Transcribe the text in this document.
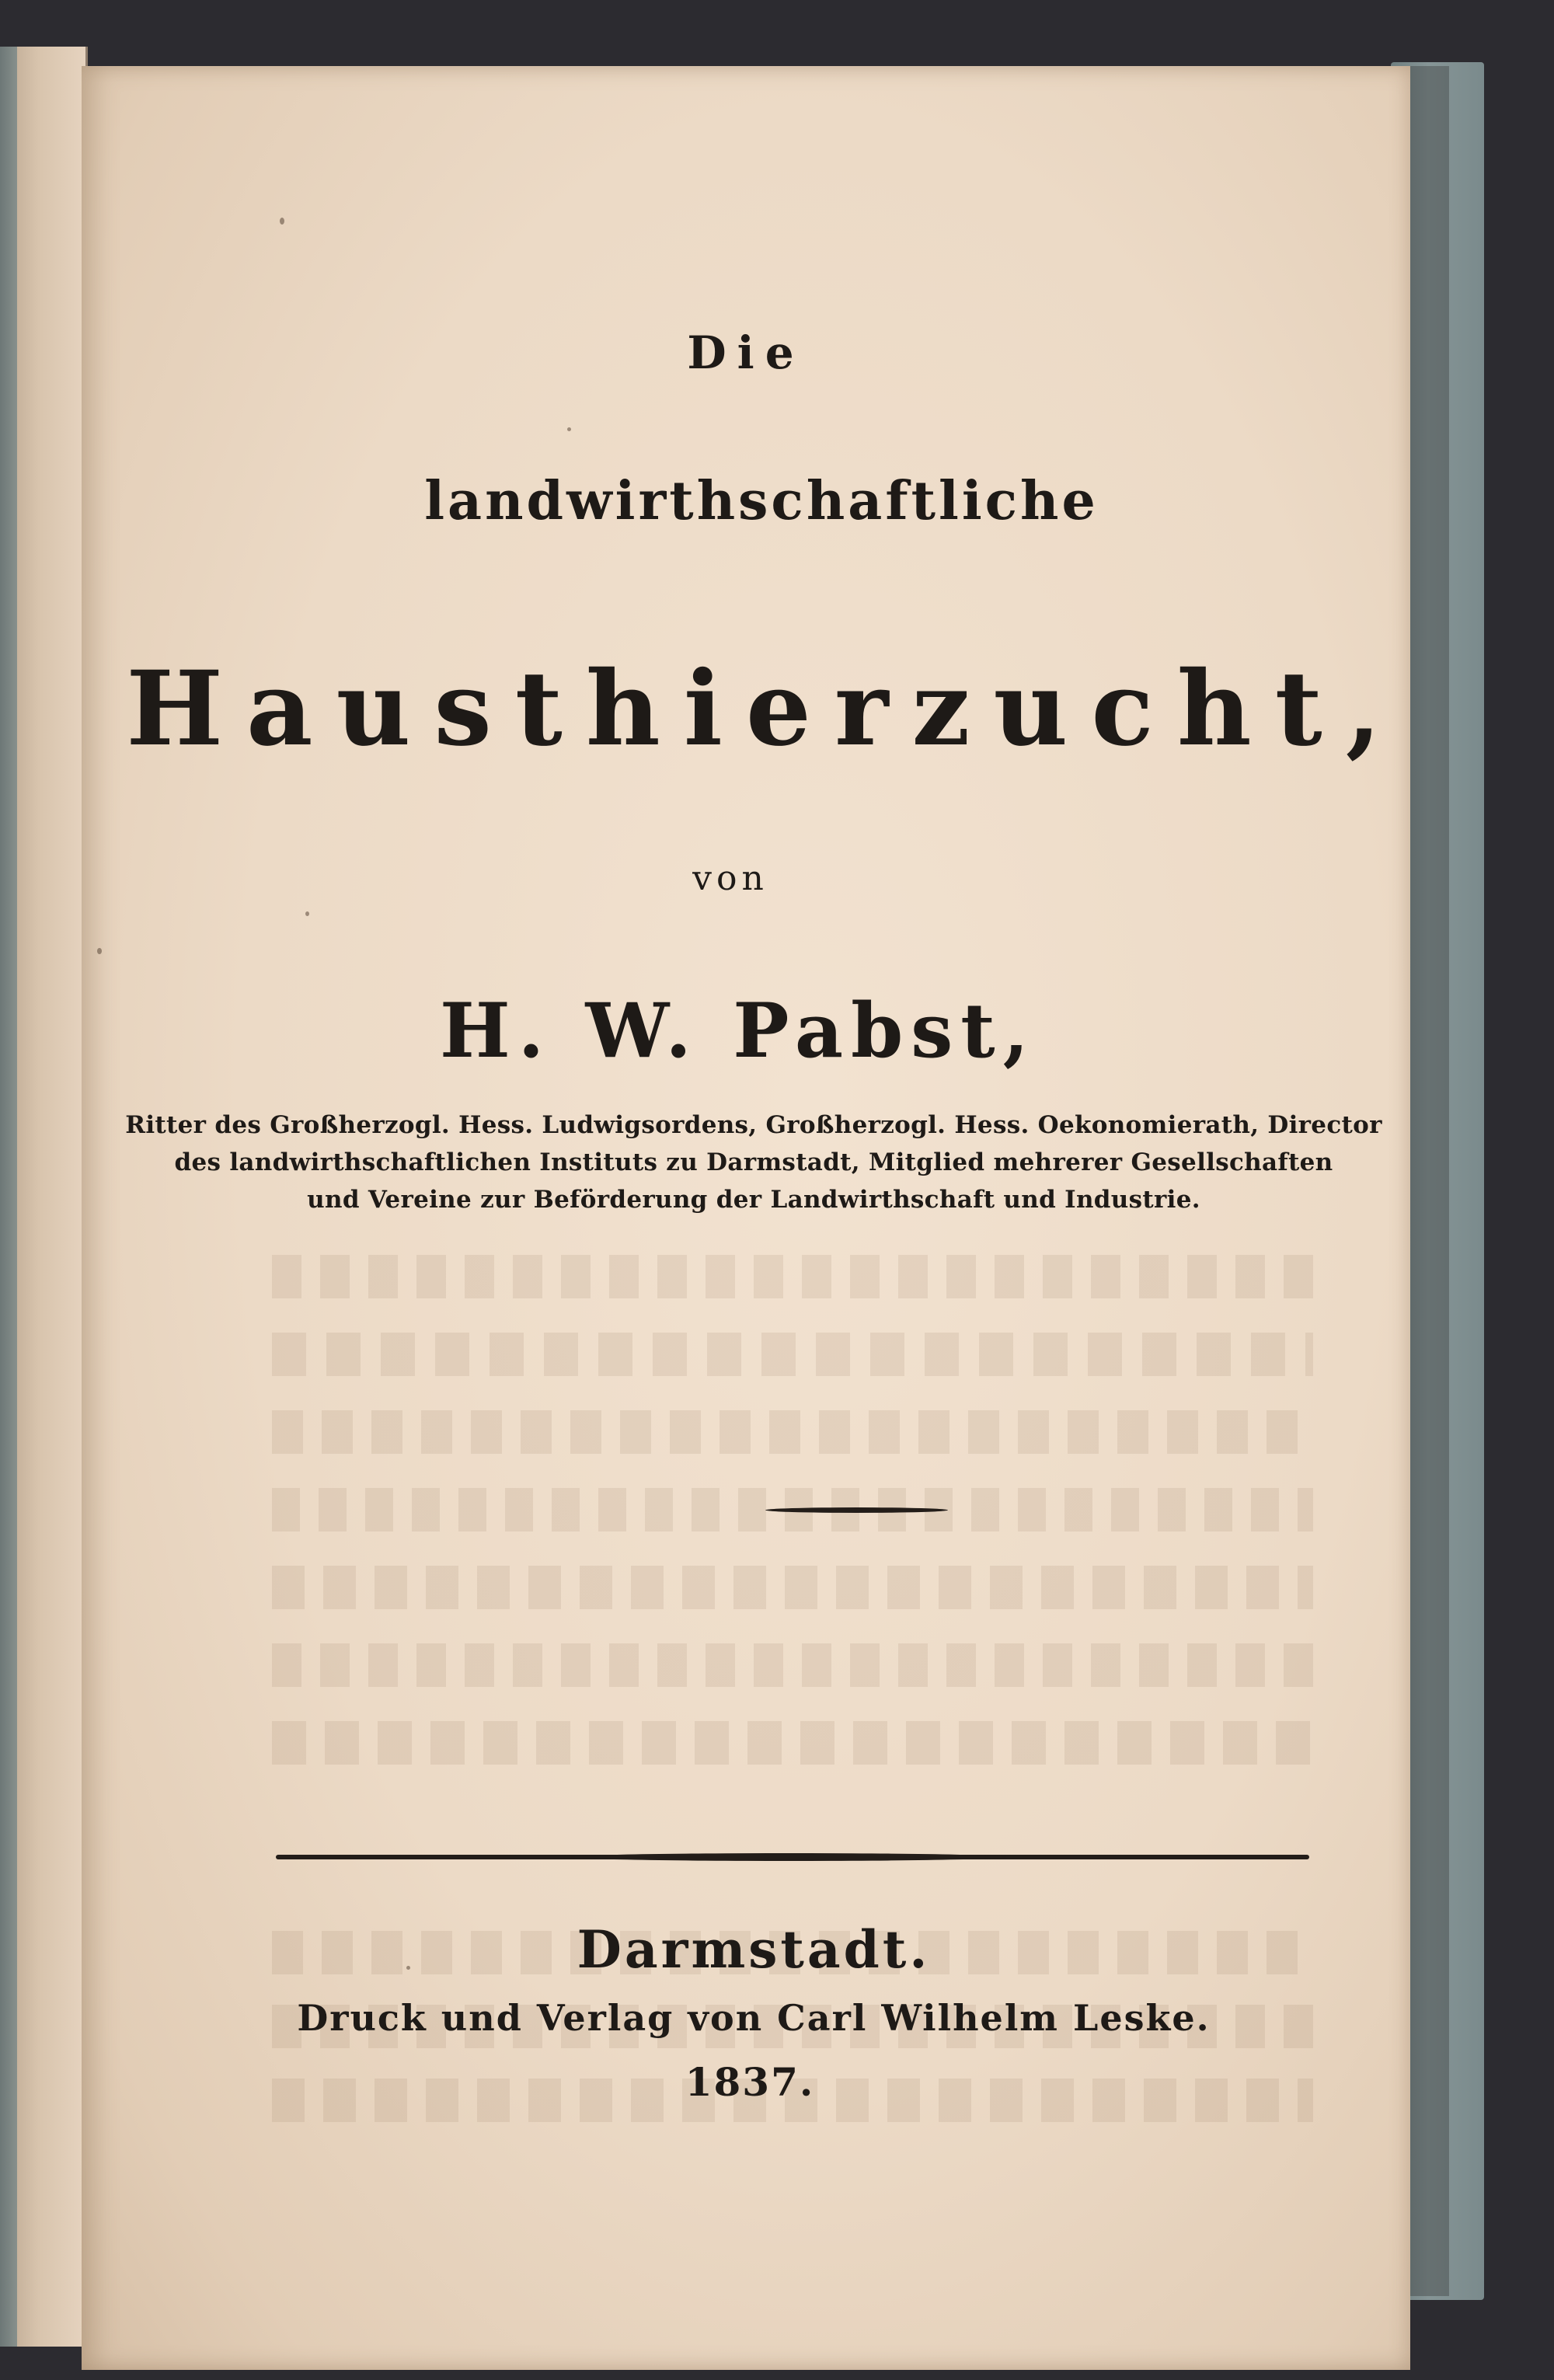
Die
landwirthschaftliche
Hausthierzucht,
von
H. W. Pabst,
Ritter des Großherzogl. Hess. Ludwigsordens, Großherzogl. Hess. Oekonomierath, Director
des landwirthschaftlichen Instituts zu Darmstadt, Mitglied mehrerer Gesellschaften
und Vereine zur Beförderung der Landwirthschaft und Industrie.
Darmstadt.
Druck und Verlag von Carl Wilhelm Leske.
1837.
